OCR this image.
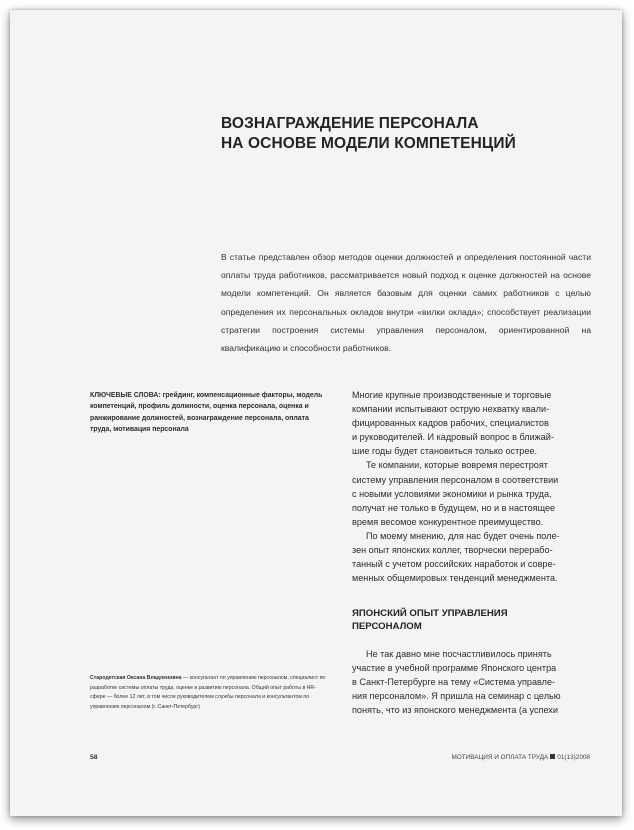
ВОЗНАГРАЖДЕНИЕ ПЕРСОНАЛА
НА ОСНОВЕ МОДЕЛИ КОМПЕТЕНЦИЙ
В статье представлен обзор методов оценки должностей и определения постоянной части оплаты труда работников, рассматривается новый подход к оценке должностей на основе модели компетенций. Он является базовым для оценки самих работников с целью определения их персональных окладов внутри «вилки оклада»; способствует реализации стратегии построения системы управления персоналом, ориентированной на квалификацию и способности работников.
КЛЮЧЕВЫЕ СЛОВА: грейдинг, компенсационные факторы, модель компетенций, профиль должности, оценка персонала, оценка и ранжирование должностей, вознаграждение персонала, оплата труда, мотивация персонала
Многие крупные производственные и торговые
компании испытывают острую нехватку квали-
фицированных кадров рабочих, специалистов
и руководителей. И кадровый вопрос в ближай-
шие годы будет становиться только острее.
Те компании, которые вовремя перестроят
систему управления персоналом в соответствии
с новыми условиями экономики и рынка труда,
получат не только в будущем, но и в настоящее
время весомое конкурентное преимущество.
По моему мнению, для нас будет очень поле-
зен опыт японских коллег, творчески перерабо-
танный с учетом российских наработок и совре-
менных общемировых тенденций менеджмента.
ЯПОНСКИЙ ОПЫТ УПРАВЛЕНИЯ
ПЕРСОНАЛОМ
Не так давно мне посчастливилось принять
участие в учебной программе Японского центра
в Санкт-Петербурге на тему «Система управле-
ния персоналом». Я пришла на семинар с целью
понять, что из японского менеджмента (а успехи
Стародетская Оксана Владленовна — консультант по управлению персоналом, специалист по разработке системы оплаты труда, оценке и развитию персонала. Общий опыт работы в HR-сфере — более 12 лет, в том числе руководителем службы персонала и консультантом по управлению персоналом (г. Санкт-Петербург)
58	МОТИВАЦИЯ И ОПЛАТА ТРУДА 01(13)2008
